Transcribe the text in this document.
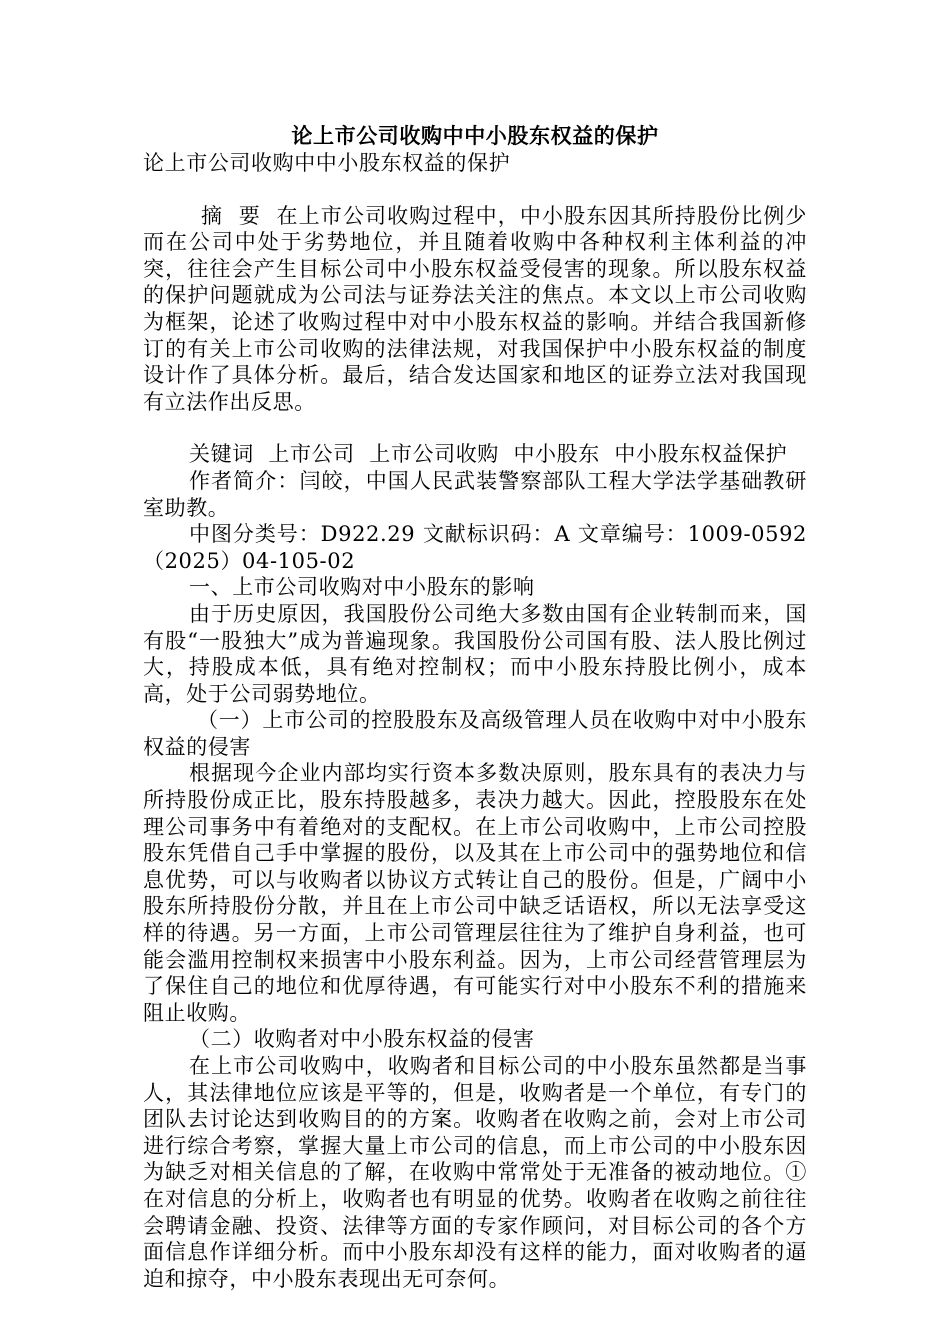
论上市公司收购中中小股东权益的保护

论上市公司收购中中小股东权益的保护

摘  要  在上市公司收购过程中，中小股东因其所持股份比例少而在公司中处于劣势地位，并且随着收购中各种权利主体利益的冲突，往往会产生目标公司中小股东权益受侵害的现象。所以股东权益的保护问题就成为公司法与证券法关注的焦点。本文以上市公司收购为框架，论述了收购过程中对中小股东权益的影响。并结合我国新修订的有关上市公司收购的法律法规，对我国保护中小股东权益的制度设计作了具体分析。最后，结合发达国家和地区的证券立法对我国现有立法作出反思。

关键词  上市公司  上市公司收购  中小股东  中小股东权益保护

作者简介：闫皎，中国人民武装警察部队工程大学法学基础教研室助教。

中图分类号：D922.29 文献标识码：A 文章编号：1009-0592（2025）04-105-02

一、上市公司收购对中小股东的影响

由于历史原因，我国股份公司绝大多数由国有企业转制而来，国有股“一股独大”成为普遍现象。我国股份公司国有股、法人股比例过大，持股成本低，具有绝对控制权；而中小股东持股比例小，成本高，处于公司弱势地位。

（一）上市公司的控股股东及高级管理人员在收购中对中小股东权益的侵害

根据现今企业内部均实行资本多数决原则，股东具有的表决力与所持股份成正比，股东持股越多，表决力越大。因此，控股股东在处理公司事务中有着绝对的支配权。在上市公司收购中，上市公司控股股东凭借自己手中掌握的股份，以及其在上市公司中的强势地位和信息优势，可以与收购者以协议方式转让自己的股份。但是，广阔中小股东所持股份分散，并且在上市公司中缺乏话语权，所以无法享受这样的待遇。另一方面，上市公司管理层往往为了维护自身利益，也可能会滥用控制权来损害中小股东利益。因为，上市公司经营管理层为了保住自己的地位和优厚待遇，有可能实行对中小股东不利的措施来阻止收购。

（二）收购者对中小股东权益的侵害

在上市公司收购中，收购者和目标公司的中小股东虽然都是当事人，其法律地位应该是平等的，但是，收购者是一个单位，有专门的团队去讨论达到收购目的的方案。收购者在收购之前，会对上市公司进行综合考察，掌握大量上市公司的信息，而上市公司的中小股东因为缺乏对相关信息的了解，在收购中常常处于无准备的被动地位。①在对信息的分析上，收购者也有明显的优势。收购者在收购之前往往会聘请金融、投资、法律等方面的专家作顾问，对目标公司的各个方面信息作详细分析。而中小股东却没有这样的能力，面对收购者的逼迫和掠夺，中小股东表现出无可奈何。
